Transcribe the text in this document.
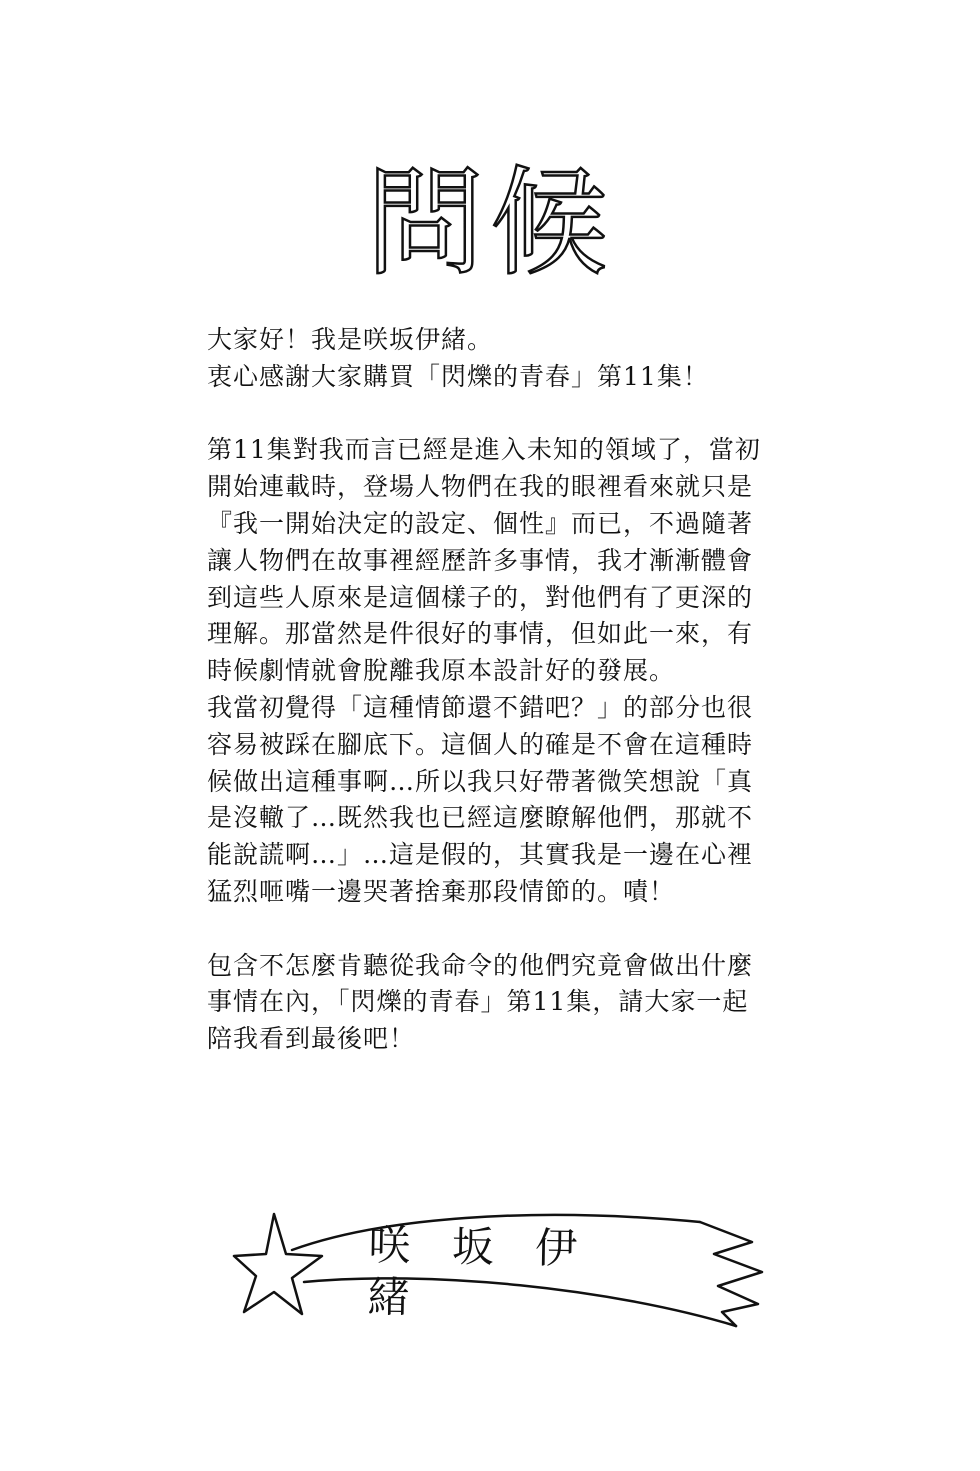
問候

大家好！我是咲坂伊緒。
衷心感謝大家購買「閃爍的青春」第11集！

第11集對我而言已經是進入未知的領域了，當初
開始連載時，登場人物們在我的眼裡看來就只是
『我一開始決定的設定、個性』而已，不過隨著
讓人物們在故事裡經歷許多事情，我才漸漸體會
到這些人原來是這個樣子的，對他們有了更深的
理解。那當然是件很好的事情，但如此一來，有
時候劇情就會脫離我原本設計好的發展。
我當初覺得「這種情節還不錯吧？」的部分也很
容易被踩在腳底下。這個人的確是不會在這種時
候做出這種事啊…所以我只好帶著微笑想說「真
是沒轍了…既然我也已經這麼瞭解他們，那就不
能說謊啊…」…這是假的，其實我是一邊在心裡
猛烈咂嘴一邊哭著捨棄那段情節的。嘖！

包含不怎麼肯聽從我命令的他們究竟會做出什麼
事情在內，「閃爍的青春」第11集，請大家一起
陪我看到最後吧！

咲 坂 伊 緒
